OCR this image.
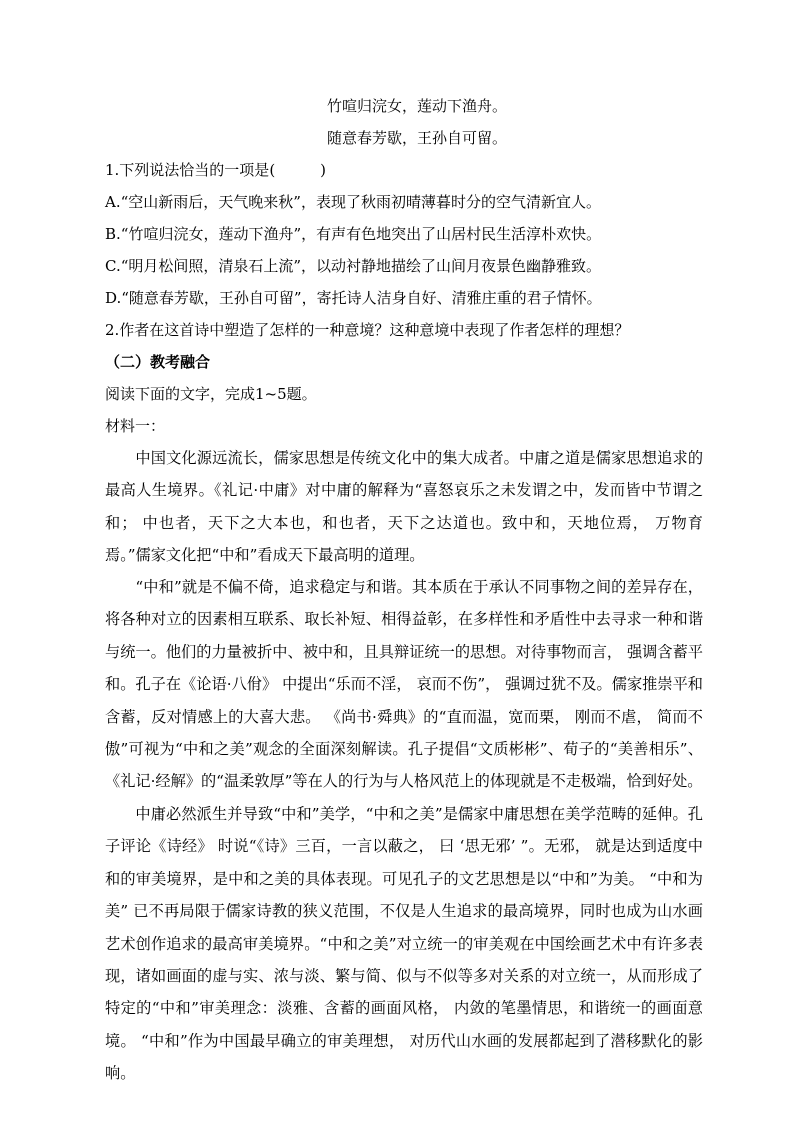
竹喧归浣女，莲动下渔舟。
随意春芳歇，王孙自可留。
1.下列说法恰当的一项是(　　　)
A.“空山新雨后，天气晚来秋”，表现了秋雨初晴薄暮时分的空气清新宜人。
B.“竹喧归浣女，莲动下渔舟”，有声有色地突出了山居村民生活淳朴欢快。
C.“明月松间照，清泉石上流”，以动衬静地描绘了山间月夜景色幽静雅致。
D.“随意春芳歇，王孙自可留”，寄托诗人洁身自好、清雅庄重的君子情怀。
2.作者在这首诗中塑造了怎样的一种意境？这种意境中表现了作者怎样的理想？
（二）教考融合
阅读下面的文字，完成1~5题。
材料一：

中国文化源远流长，儒家思想是传统文化中的集大成者。中庸之道是儒家思想追求的最高人生境界。《礼记·中庸》对中庸的解释为“喜怒哀乐之未发谓之中，发而皆中节谓之和； 中也者，天下之大本也，和也者，天下之达道也。致中和，天地位焉， 万物育焉。”儒家文化把“中和”看成天下最高明的道理。

“中和”就是不偏不倚，追求稳定与和谐。其本质在于承认不同事物之间的差异存在，将各种对立的因素相互联系、取长补短、相得益彰，在多样性和矛盾性中去寻求一种和谐与统一。他们的力量被折中、被中和，且具辩证统一的思想。对待事物而言， 强调含蓄平和。孔子在《论语·八佾》 中提出“乐而不淫， 哀而不伤”， 强调过犹不及。儒家推崇平和含蓄，反对情感上的大喜大悲。 《尚书·舜典》的“直而温，宽而栗， 刚而不虐， 简而不傲”可视为“中和之美”观念的全面深刻解读。孔子提倡“文质彬彬”、荀子的“美善相乐”、 《礼记·经解》的“温柔敦厚”等在人的行为与人格风范上的体现就是不走极端，恰到好处。

中庸必然派生并导致“中和”美学，“中和之美”是儒家中庸思想在美学范畴的延伸。孔子评论《诗经》 时说“《诗》三百，一言以蔽之， 曰 ‘思无邪’ ”。无邪， 就是达到适度中和的审美境界，是中和之美的具体表现。可见孔子的文艺思想是以“中和”为美。 “中和为美” 已不再局限于儒家诗教的狭义范围，不仅是人生追求的最高境界，同时也成为山水画艺术创作追求的最高审美境界。“中和之美”对立统一的审美观在中国绘画艺术中有许多表现，诸如画面的虚与实、浓与淡、繁与简、似与不似等多对关系的对立统一，从而形成了特定的“中和”审美理念：淡雅、含蓄的画面风格， 内敛的笔墨情思，和谐统一的画面意境。 “中和”作为中国最早确立的审美理想， 对历代山水画的发展都起到了潜移默化的影响。
